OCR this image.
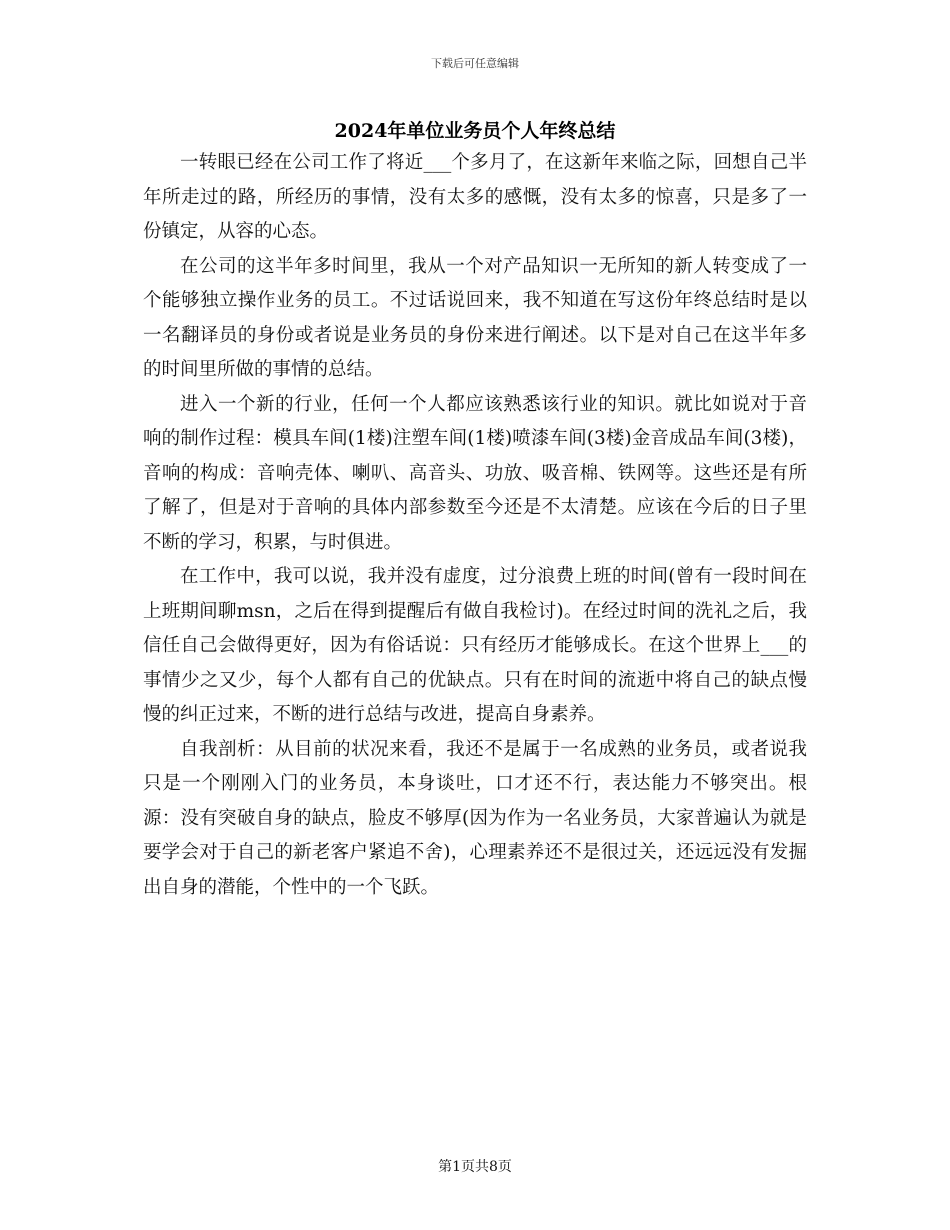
下载后可任意编辑
2024年单位业务员个人年终总结

一转眼已经在公司工作了将近___个多月了，在这新年来临之际，回想自己半年所走过的路，所经历的事情，没有太多的感慨，没有太多的惊喜，只是多了一份镇定，从容的心态。

在公司的这半年多时间里，我从一个对产品知识一无所知的新人转变成了一个能够独立操作业务的员工。不过话说回来，我不知道在写这份年终总结时是以一名翻译员的身份或者说是业务员的身份来进行阐述。以下是对自己在这半年多的时间里所做的事情的总结。

进入一个新的行业，任何一个人都应该熟悉该行业的知识。就比如说对于音响的制作过程：模具车间(1楼)注塑车间(1楼)喷漆车间(3楼)金音成品车间(3楼)，音响的构成：音响壳体、喇叭、高音头、功放、吸音棉、铁网等。这些还是有所了解了，但是对于音响的具体内部参数至今还是不太清楚。应该在今后的日子里不断的学习，积累，与时俱进。

在工作中，我可以说，我并没有虚度，过分浪费上班的时间(曾有一段时间在上班期间聊msn，之后在得到提醒后有做自我检讨)。在经过时间的洗礼之后，我信任自己会做得更好，因为有俗话说：只有经历才能够成长。在这个世界上___的事情少之又少，每个人都有自己的优缺点。只有在时间的流逝中将自己的缺点慢慢的纠正过来，不断的进行总结与改进，提高自身素养。

自我剖析：从目前的状况来看，我还不是属于一名成熟的业务员，或者说我只是一个刚刚入门的业务员，本身谈吐，口才还不行，表达能力不够突出。根源：没有突破自身的缺点，脸皮不够厚(因为作为一名业务员，大家普遍认为就是要学会对于自己的新老客户紧追不舍)，心理素养还不是很过关，还远远没有发掘出自身的潜能，个性中的一个飞跃。

第1页共8页
